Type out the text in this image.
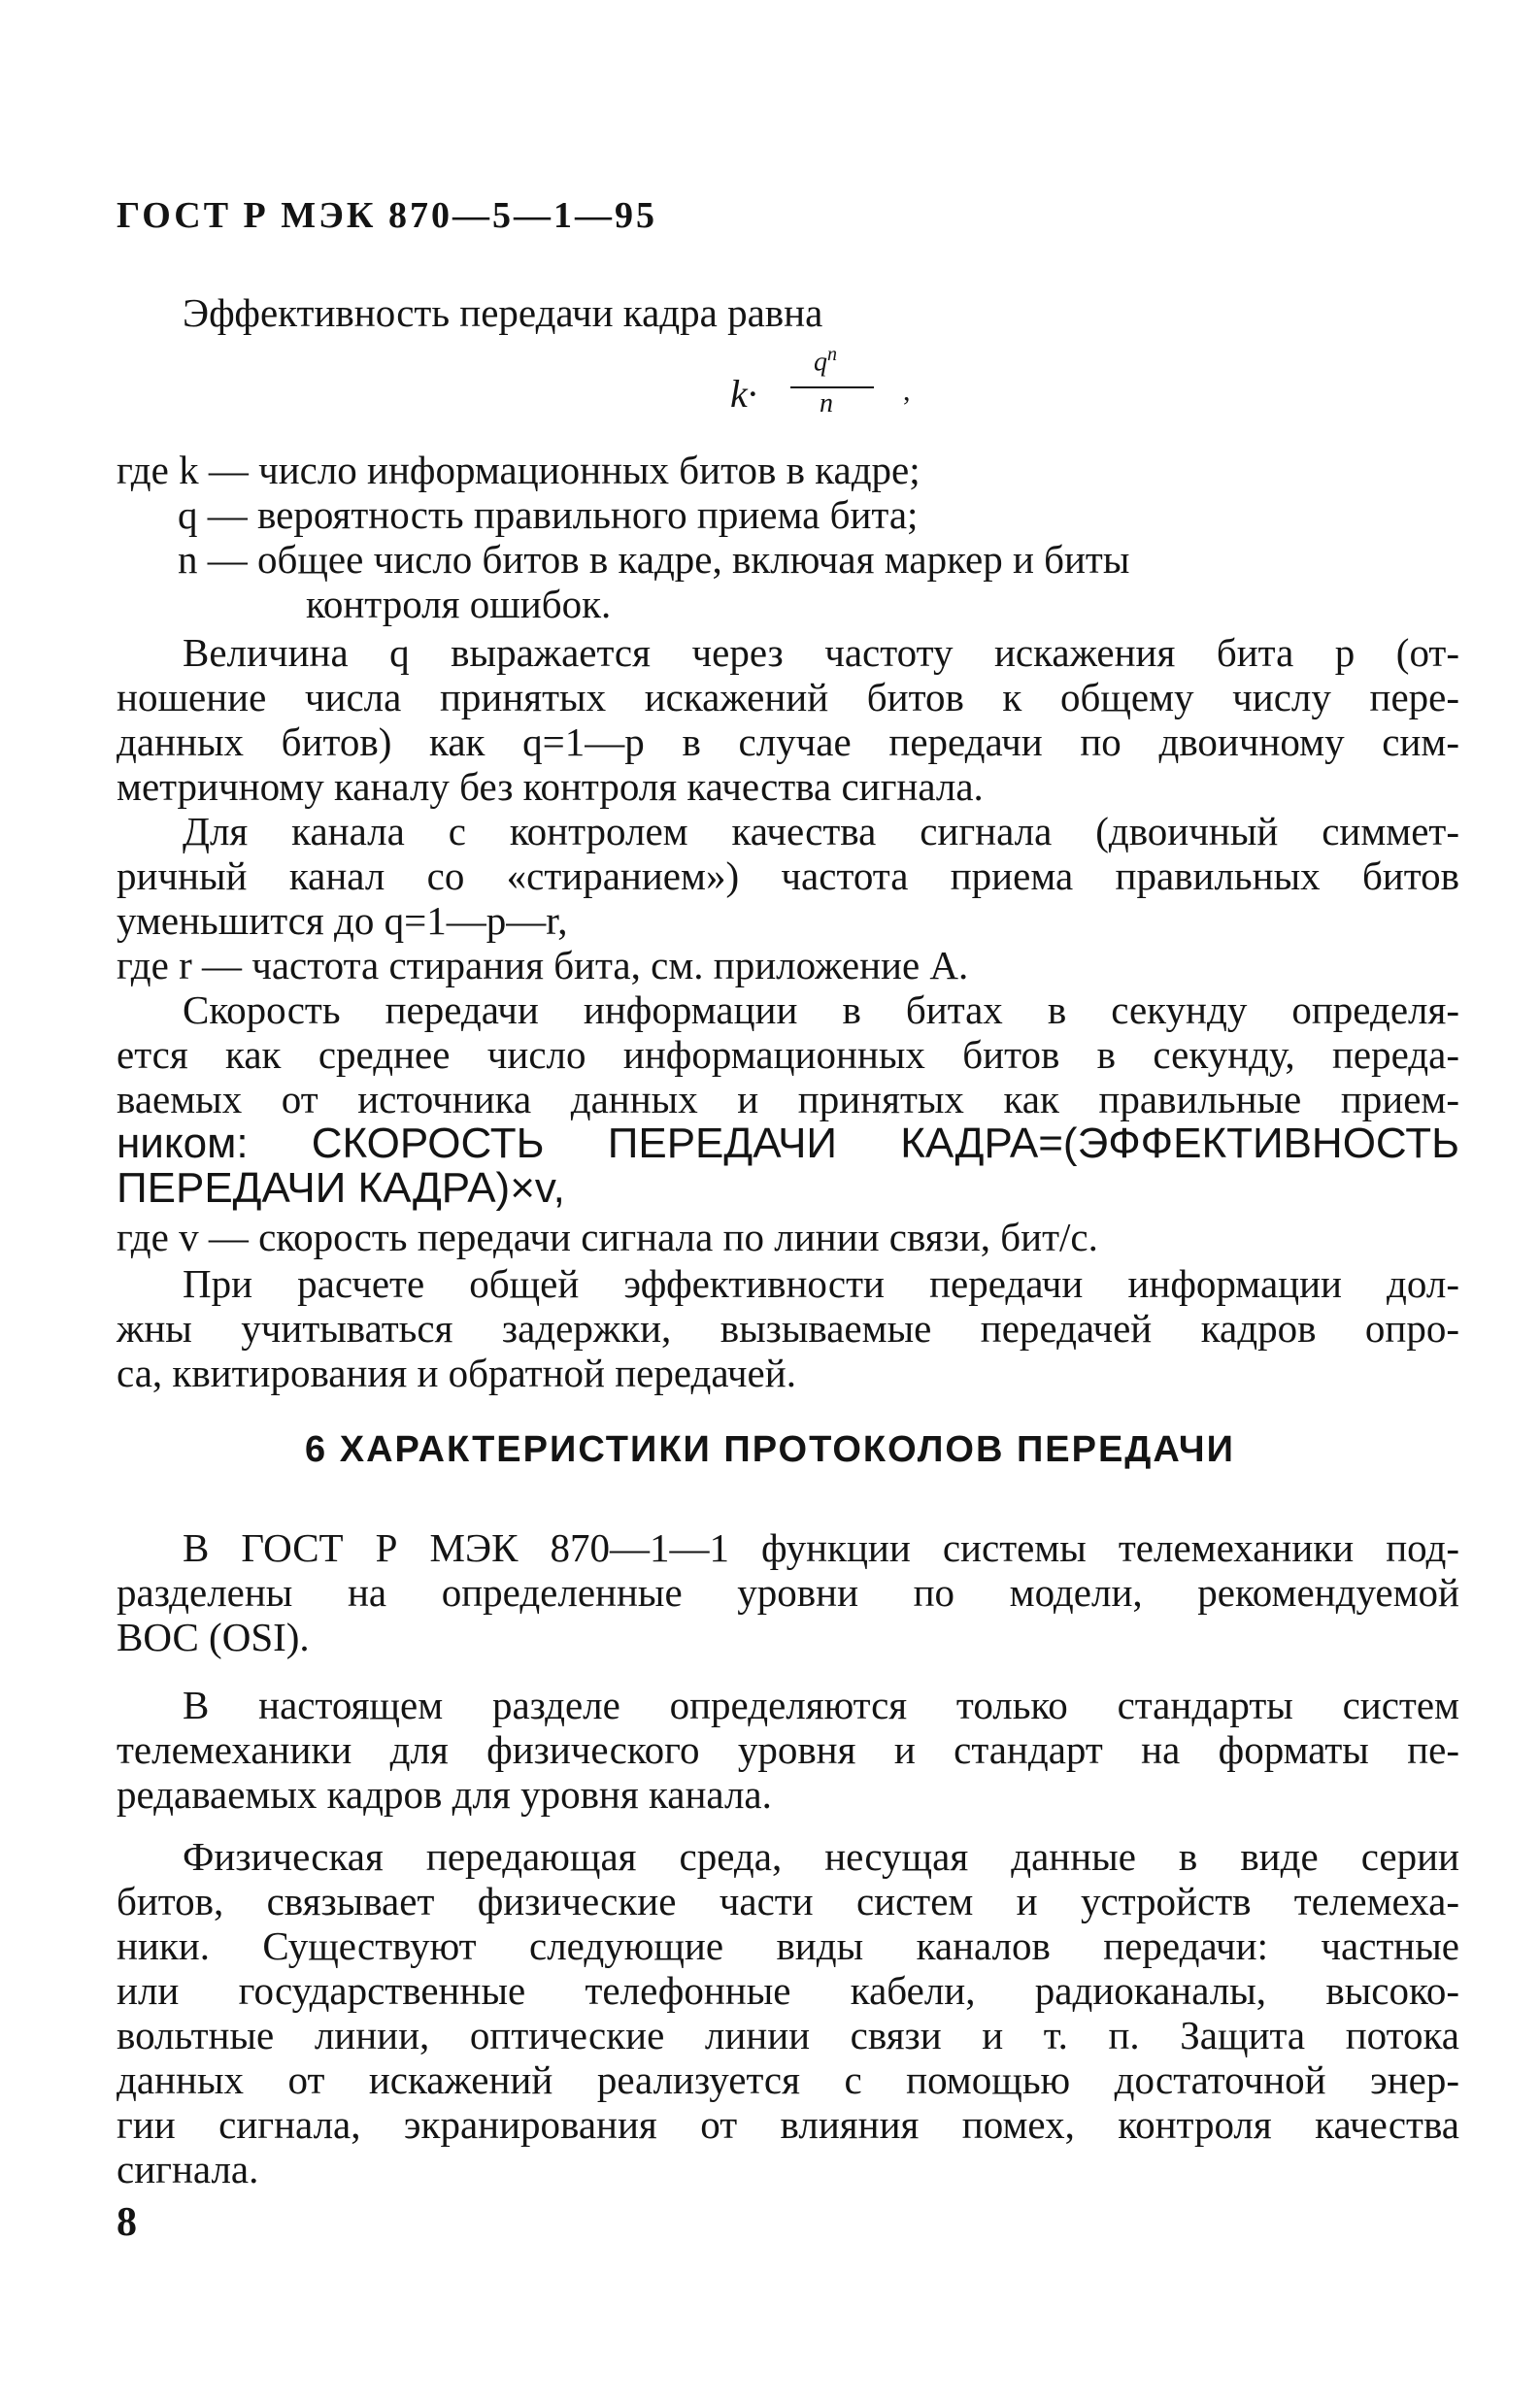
ГОСТ Р МЭК 870—5—1—95
Эффективность передачи кадра равна
k·
$q^n$
n ,
где k — число информационных битов в кадре;
q — вероятность правильного приема бита;
n — общее число битов в кадре, включая маркер и биты
контроля ошибок.
Величина q выражается через частоту искажения бита p (от-
ношение числа принятых искажений битов к общему числу пере-
данных битов) как q=1—p в случае передачи по двоичному сим-
метричному каналу без контроля качества сигнала.
Для канала с контролем качества сигнала (двоичный симмет-
ричный канал со «стиранием») частота приема правильных битов
уменьшится до q=1—p—r,
где r — частота стирания бита, см. приложение А.
Скорость передачи информации в битах в секунду определя-
ется как среднее число информационных битов в секунду, переда-
ваемых от источника данных и принятых как правильные прием-
ником: СКОРОСТЬ ПЕРЕДАЧИ КАДРА=(ЭФФЕКТИВНОСТЬ
ПЕРЕДАЧИ КАДРА)×v,
где v — скорость передачи сигнала по линии связи, бит/с.
При расчете общей эффективности передачи информации дол-
жны учитываться задержки, вызываемые передачей кадров опро-
са, квитирования и обратной передачей.
6 ХАРАКТЕРИСТИКИ ПРОТОКОЛОВ ПЕРЕДАЧИ
В ГОСТ Р МЭК 870—1—1 функции системы телемеханики под-
разделены на определенные уровни по модели, рекомендуемой
ВОС (OSI).
В настоящем разделе определяются только стандарты систем
телемеханики для физического уровня и стандарт на форматы пе-
редаваемых кадров для уровня канала.
Физическая передающая среда, несущая данные в виде серии
битов, связывает физические части систем и устройств телемеха-
ники. Существуют следующие виды каналов передачи: частные
или государственные телефонные кабели, радиоканалы, высоко-
вольтные линии, оптические линии связи и т. п. Защита потока
данных от искажений реализуется с помощью достаточной энер-
гии сигнала, экранирования от влияния помех, контроля качества
сигнала.
8
